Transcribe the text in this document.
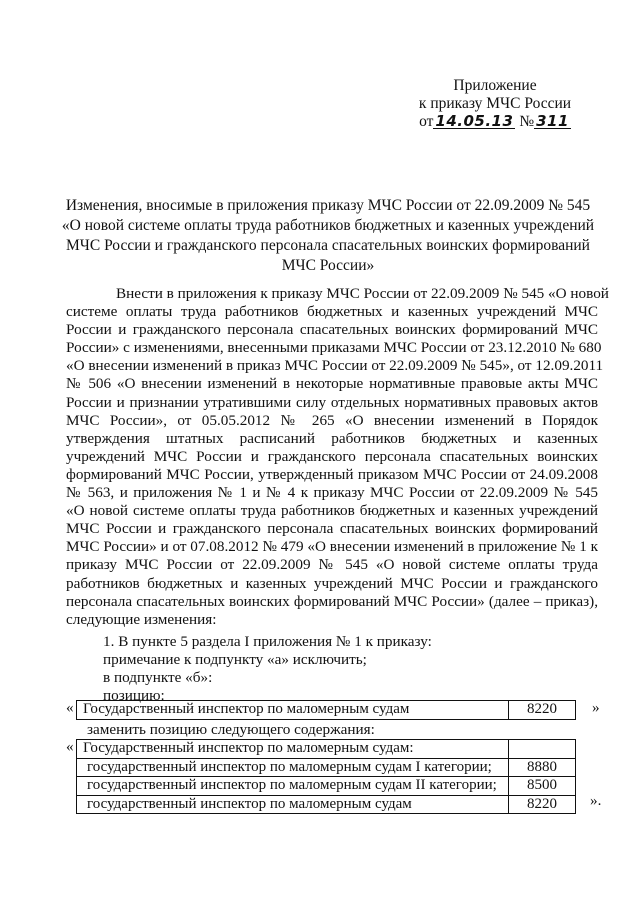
Приложение
к приказу МЧС России
от 14.05.13 № 311
Изменения, вносимые в приложения приказу МЧС России от 22.09.2009 № 545
«О новой системе оплаты труда работников бюджетных и казенных учреждений
МЧС России и гражданского персонала спасательных воинских формирований
МЧС России»
Внести в приложения к приказу МЧС России от 22.09.2009 № 545 «О новой
системе оплаты труда работников бюджетных и казенных учреждений МЧС
России и гражданского персонала спасательных воинских формирований МЧС
России» с изменениями, внесенными приказами МЧС России от 23.12.2010 № 680
«О внесении изменений в приказ МЧС России от 22.09.2009 № 545», от 12.09.2011
№ 506 «О внесении изменений в некоторые нормативные правовые акты МЧС
России и признании утратившими силу отдельных нормативных правовых актов
МЧС России», от 05.05.2012 № 265 «О внесении изменений в Порядок
утверждения штатных расписаний работников бюджетных и казенных
учреждений МЧС России и гражданского персонала спасательных воинских
формирований МЧС России, утвержденный приказом МЧС России от 24.09.2008
№ 563, и приложения № 1 и № 4 к приказу МЧС России от 22.09.2009 № 545
«О новой системе оплаты труда работников бюджетных и казенных учреждений
МЧС России и гражданского персонала спасательных воинских формирований
МЧС России» и от 07.08.2012 № 479 «О внесении изменений в приложение № 1 к
приказу МЧС России от 22.09.2009 № 545 «О новой системе оплаты труда
работников бюджетных и казенных учреждений МЧС России и гражданского
персонала спасательных воинских формирований МЧС России» (далее – приказ),
следующие изменения:
1. В пункте 5 раздела I приложения № 1 к приказу:
примечание к подпункту «а» исключить;
в подпункте «б»:
позицию:
« Государственный инспектор по маломерным судам	8220 »
заменить позицию следующего содержания:
« Государственный инспектор по маломерным судам:	
государственный инспектор по маломерным судам I категории;	8880
государственный инспектор по маломерным судам II категории;	8500
государственный инспектор по маломерным судам	8220 ».
